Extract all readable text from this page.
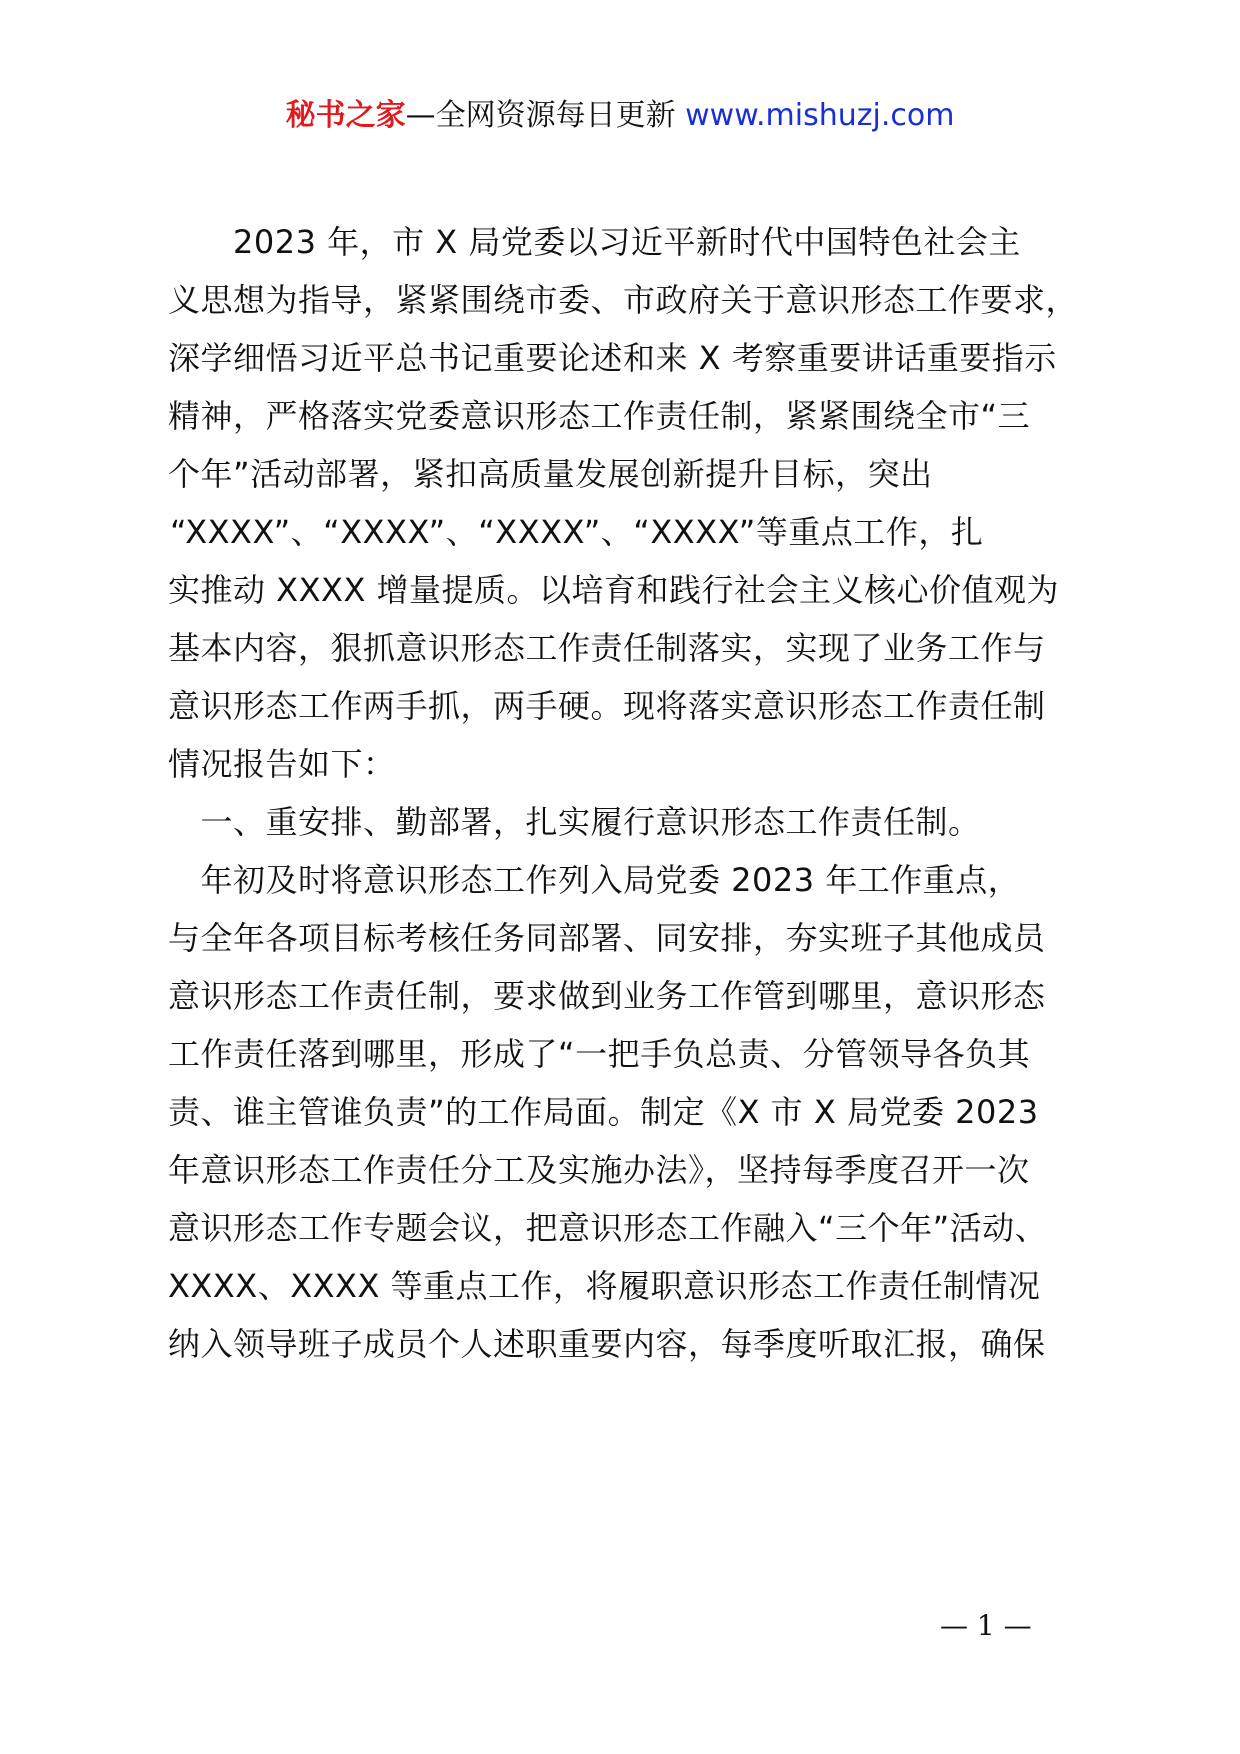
秘书之家—全网资源每日更新 www.mishuzj.com
　　2023 年，市 X 局党委以习近平新时代中国特色社会主
义思想为指导，紧紧围绕市委、市政府关于意识形态工作要求，
深学细悟习近平总书记重要论述和来 X 考察重要讲话重要指示
精神，严格落实党委意识形态工作责任制，紧紧围绕全市“三
个年”活动部署，紧扣高质量发展创新提升目标，突出
“XXXX”、“XXXX”、“XXXX”、“XXXX”等重点工作，扎
实推动 XXXX 增量提质。以培育和践行社会主义核心价值观为
基本内容，狠抓意识形态工作责任制落实，实现了业务工作与
意识形态工作两手抓，两手硬。现将落实意识形态工作责任制
情况报告如下：
　一、重安排、勤部署，扎实履行意识形态工作责任制。
　年初及时将意识形态工作列入局党委 2023 年工作重点，
与全年各项目标考核任务同部署、同安排，夯实班子其他成员
意识形态工作责任制，要求做到业务工作管到哪里，意识形态
工作责任落到哪里，形成了“一把手负总责、分管领导各负其
责、谁主管谁负责”的工作局面。制定《X 市 X 局党委 2023
年意识形态工作责任分工及实施办法》，坚持每季度召开一次
意识形态工作专题会议，把意识形态工作融入“三个年”活动、
XXXX、XXXX 等重点工作，将履职意识形态工作责任制情况
纳入领导班子成员个人述职重要内容，每季度听取汇报，确保
— 1 —
